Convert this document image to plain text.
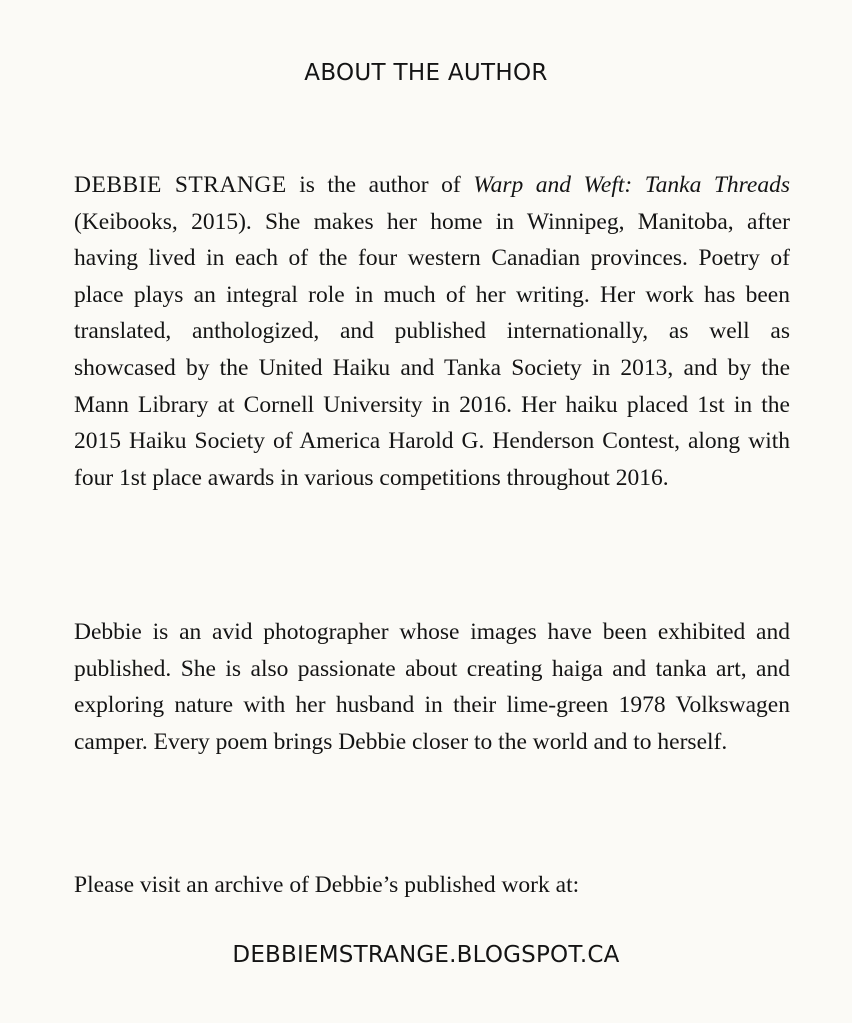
ABOUT THE AUTHOR

DEBBIE STRANGE is the author of Warp and Weft: Tanka Threads (Keibooks, 2015). She makes her home in Winnipeg, Manitoba, after having lived in each of the four western Canadian provinces. Poetry of place plays an integral role in much of her writing. Her work has been translated, anthologized, and published internationally, as well as showcased by the United Haiku and Tanka Society in 2013, and by the Mann Library at Cornell University in 2016. Her haiku placed 1st in the 2015 Haiku Society of America Harold G. Henderson Contest, along with four 1st place awards in various competitions throughout 2016.

Debbie is an avid photographer whose images have been exhibited and published. She is also passionate about creating haiga and tanka art, and exploring nature with her husband in their lime-green 1978 Volkswagen camper. Every poem brings Debbie closer to the world and to herself.

Please visit an archive of Debbie’s published work at:

DEBBIEMSTRANGE.BLOGSPOT.CA
